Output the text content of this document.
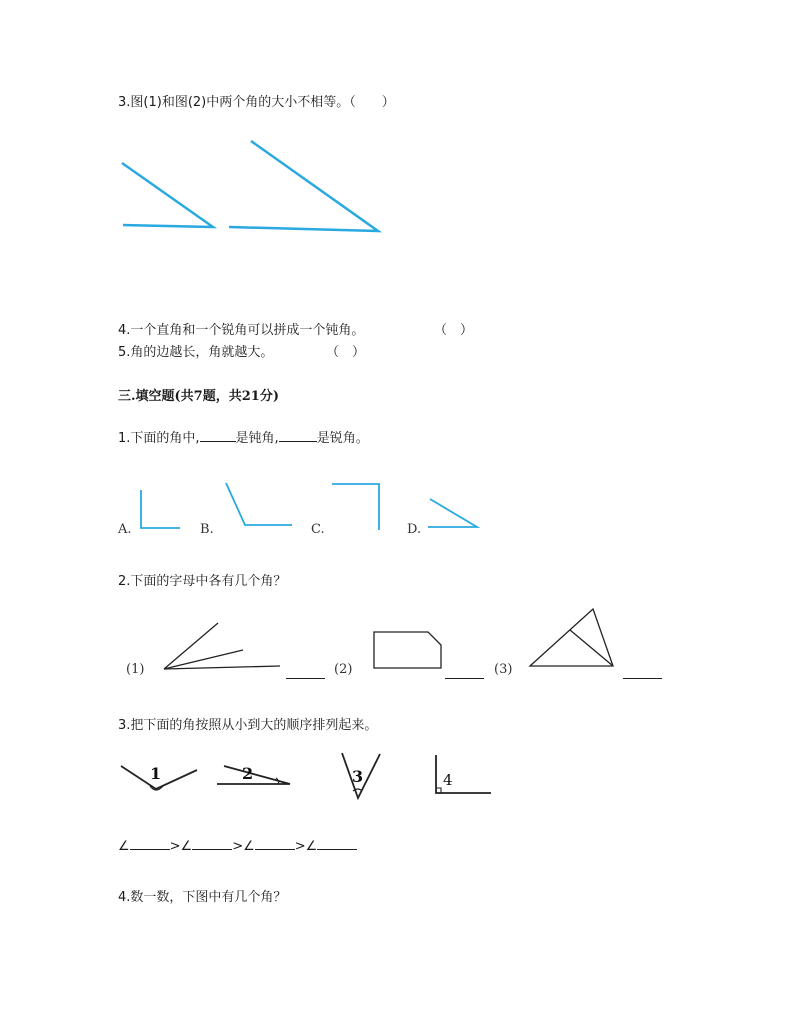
3.图(1)和图(2)中两个角的大小不相等。（　　）
4.一个直角和一个锐角可以拼成一个钝角。	（　）
5.角的边越长，角就越大。	（　）
三.填空题(共7题，共21分)
1.下面的角中,	是钝角,	是锐角。
A.	B.	C.	D.
2.下面的字母中各有几个角？
(1)	(2)	(3)
3.把下面的角按照从小到大的顺序排列起来。
1	2	3	4
∠	>∠	>∠	>∠
4.数一数，下图中有几个角？
